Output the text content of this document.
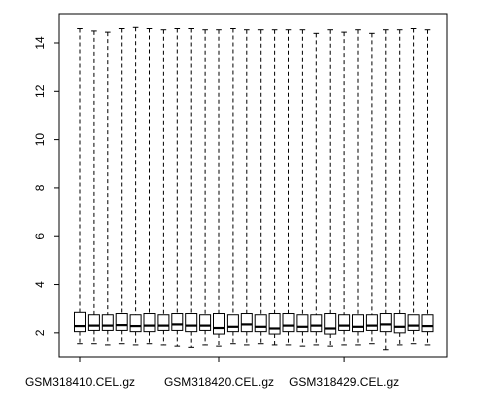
2
4
6
8
10
12
14
GSM318410.CEL.gz GSM318420.CEL.gz GSM318429.CEL.gz
